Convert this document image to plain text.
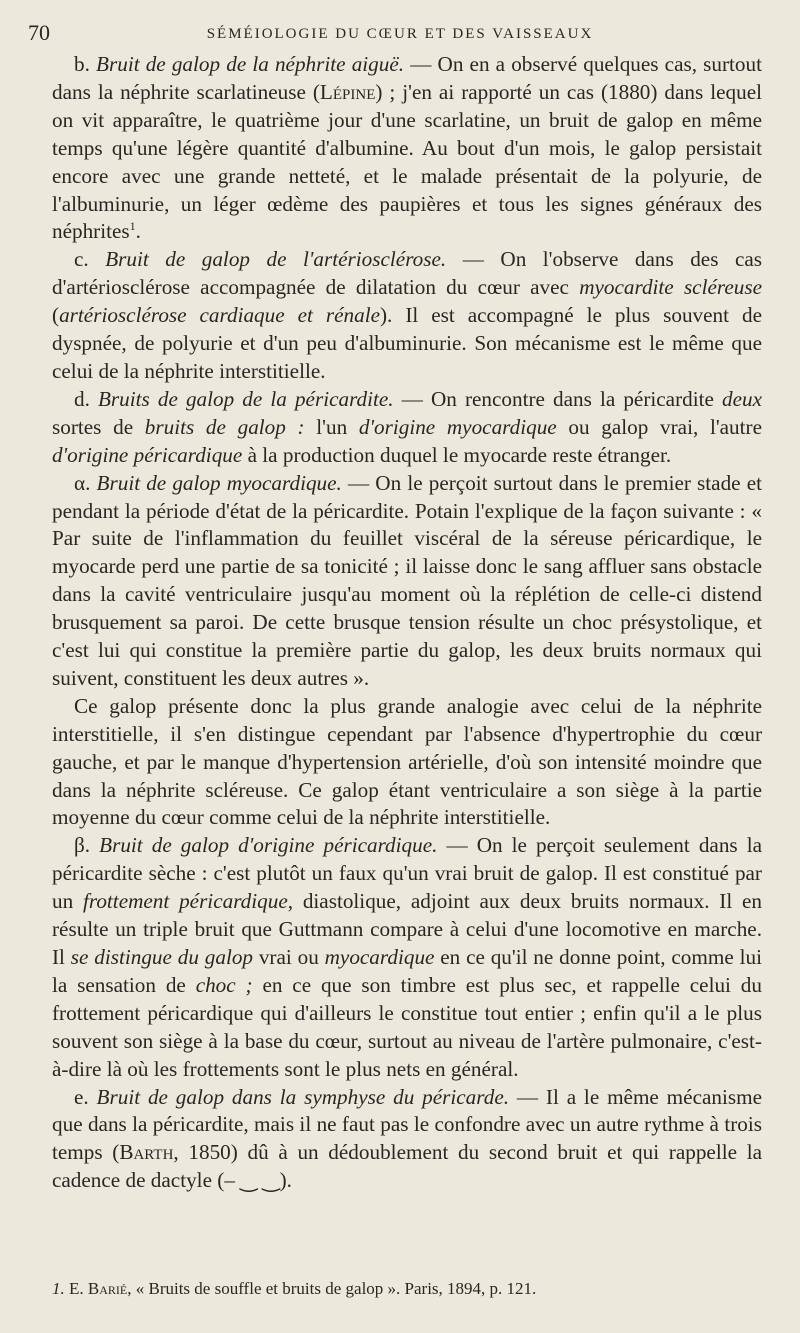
70	SÉMÉIOLOGIE DU CŒUR ET DES VAISSEAUX

b. Bruit de galop de la néphrite aiguë. — On en a observé quelques cas, surtout dans la néphrite scarlatineuse (Lépine) ; j'en ai rapporté un cas (1880) dans lequel on vit apparaître, le quatrième jour d'une scarlatine, un bruit de galop en même temps qu'une légère quantité d'albumine. Au bout d'un mois, le galop persistait encore avec une grande netteté, et le malade présentait de la polyurie, de l'albuminurie, un léger œdème des paupières et tous les signes généraux des néphrites$^1$.

c. Bruit de galop de l'artériosclérose. — On l'observe dans des cas d'artériosclérose accompagnée de dilatation du cœur avec myocardite scléreuse (artériosclérose cardiaque et rénale). Il est accompagné le plus souvent de dyspnée, de polyurie et d'un peu d'albuminurie. Son mécanisme est le même que celui de la néphrite interstitielle.

d. Bruits de galop de la péricardite. — On rencontre dans la péricardite deux sortes de bruits de galop : l'un d'origine myocardique ou galop vrai, l'autre d'origine péricardique à la production duquel le myocarde reste étranger.

α. Bruit de galop myocardique. — On le perçoit surtout dans le premier stade et pendant la période d'état de la péricardite. Potain l'explique de la façon suivante : « Par suite de l'inflammation du feuillet viscéral de la séreuse péricardique, le myocarde perd une partie de sa tonicité ; il laisse donc le sang affluer sans obstacle dans la cavité ventriculaire jusqu'au moment où la réplétion de celle-ci distend brusquement sa paroi. De cette brusque tension résulte un choc présystolique, et c'est lui qui constitue la première partie du galop, les deux bruits normaux qui suivent, constituent les deux autres ».

Ce galop présente donc la plus grande analogie avec celui de la néphrite interstitielle, il s'en distingue cependant par l'absence d'hypertrophie du cœur gauche, et par le manque d'hypertension artérielle, d'où son intensité moindre que dans la néphrite scléreuse. Ce galop étant ventriculaire a son siège à la partie moyenne du cœur comme celui de la néphrite interstitielle.

β. Bruit de galop d'origine péricardique. — On le perçoit seulement dans la péricardite sèche : c'est plutôt un faux qu'un vrai bruit de galop. Il est constitué par un frottement péricardique, diastolique, adjoint aux deux bruits normaux. Il en résulte un triple bruit que Guttmann compare à celui d'une locomotive en marche. Il se distingue du galop vrai ou myocardique en ce qu'il ne donne point, comme lui la sensation de choc ; en ce que son timbre est plus sec, et rappelle celui du frottement péricardique qui d'ailleurs le constitue tout entier ; enfin qu'il a le plus souvent son siège à la base du cœur, surtout au niveau de l'artère pulmonaire, c'est-à-dire là où les frottements sont le plus nets en général.

e. Bruit de galop dans la symphyse du péricarde. — Il a le même mécanisme que dans la péricardite, mais il ne faut pas le confondre avec un autre rythme à trois temps (Barth, 1850) dû à un dédoublement du second bruit et qui rappelle la cadence de dactyle (– ‿ ‿).

1. E. Barié, « Bruits de souffle et bruits de galop ». Paris, 1894, p. 121.
